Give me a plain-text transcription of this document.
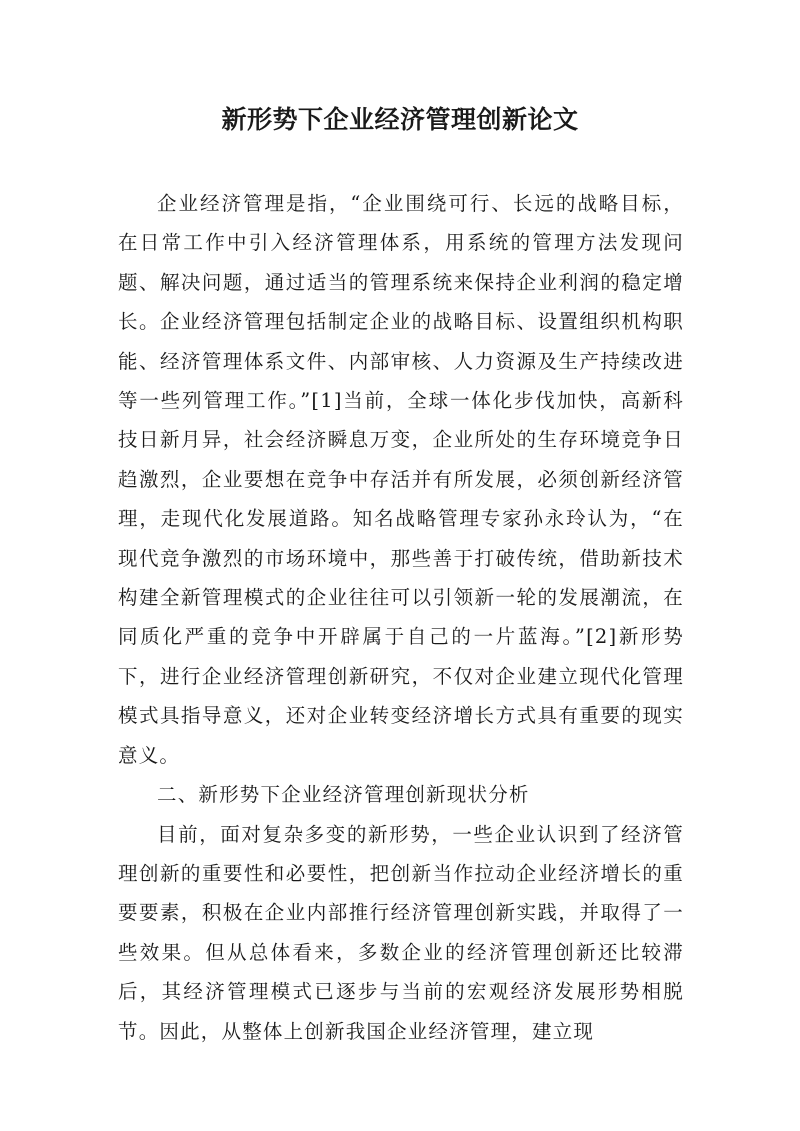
新形势下企业经济管理创新论文

企业经济管理是指，“企业围绕可行、长远的战略目标，在日常工作中引入经济管理体系，用系统的管理方法发现问题、解决问题，通过适当的管理系统来保持企业利润的稳定增长。企业经济管理包括制定企业的战略目标、设置组织机构职能、经济管理体系文件、内部审核、人力资源及生产持续改进等一些列管理工作。”[1]当前，全球一体化步伐加快，高新科技日新月异，社会经济瞬息万变，企业所处的生存环境竞争日趋激烈，企业要想在竞争中存活并有所发展，必须创新经济管理，走现代化发展道路。知名战略管理专家孙永玲认为，“在现代竞争激烈的市场环境中，那些善于打破传统，借助新技术构建全新管理模式的企业往往可以引领新一轮的发展潮流，在同质化严重的竞争中开辟属于自己的一片蓝海。”[2]新形势下，进行企业经济管理创新研究，不仅对企业建立现代化管理模式具指导意义，还对企业转变经济增长方式具有重要的现实意义。

二、新形势下企业经济管理创新现状分析

目前，面对复杂多变的新形势，一些企业认识到了经济管理创新的重要性和必要性，把创新当作拉动企业经济增长的重要要素，积极在企业内部推行经济管理创新实践，并取得了一些效果。但从总体看来，多数企业的经济管理创新还比较滞后，其经济管理模式已逐步与当前的宏观经济发展形势相脱节。因此，从整体上创新我国企业经济管理，建立现
